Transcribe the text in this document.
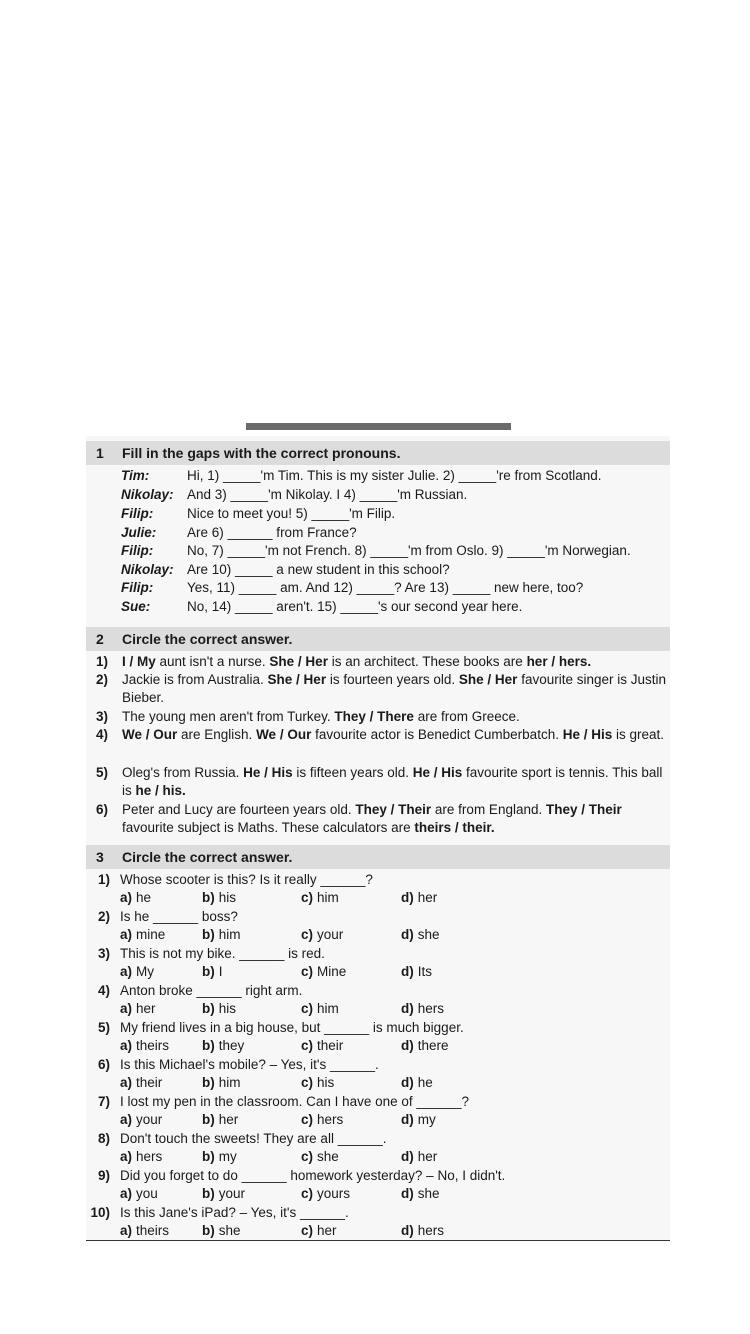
1 Fill in the gaps with the correct pronouns.
Tim:	Hi, 1) _____'m Tim. This is my sister Julie. 2) _____'re from Scotland.
Nikolay: And 3) _____'m Nikolay. I 4) _____'m Russian.
Filip:	Nice to meet you! 5) _____'m Filip.
Julie: Are 6) ______ from France?
Filip:	No, 7) _____'m not French. 8) _____'m from Oslo. 9) _____'m Norwegian.
Nikolay: Are 10) _____ a new student in this school?
Filip:	Yes, 11) _____ am. And 12) _____? Are 13) _____ new here, too?
Sue:	No, 14) _____ aren't. 15) _____'s our second year here.
2 Circle the correct answer.
1) I / My aunt isn't a nurse. She / Her is an architect. These books are her / hers.
2) Jackie is from Australia. She / Her is fourteen years old. She / Her favourite singer is Justin Bieber.
3) The young men aren't from Turkey. They / There are from Greece.
4) We / Our are English. We / Our favourite actor is Benedict Cumberbatch. He / His is great.
5) Oleg's from Russia. He / His is fifteen years old. He / His favourite sport is tennis. This ball is he / his.
6) Peter and Lucy are fourteen years old. They / Their are from England. They / Their favourite subject is Maths. These calculators are theirs / their.
3 Circle the correct answer.
1) Whose scooter is this? Is it really ______?
a) he	b) his	c) him	d) her
2) Is he ______ boss?
a) mine	b) him	c) your	d) she
3) This is not my bike. ______ is red.
a) My	b) I	c) Mine	d) Its
4) Anton broke ______ right arm.
a) her	b) his	c) him	d) hers
5) My friend lives in a big house, but ______ is much bigger.
a) theirs b) they	c) their	d) there
6) Is this Michael's mobile? – Yes, it's ______.
a) their	b) him	c) his	d) he
7) I lost my pen in the classroom. Can I have one of ______?
a) your	b) her	c) hers	d) my
8) Don't touch the sweets! They are all ______.
a) hers	b) my	c) she	d) her
9) Did you forget to do ______ homework yesterday? – No, I didn't.
a) you	b) your	c) yours	d) she
10) Is this Jane's iPad? – Yes, it's ______.
a) theirs b) she	c) her	d) hers
